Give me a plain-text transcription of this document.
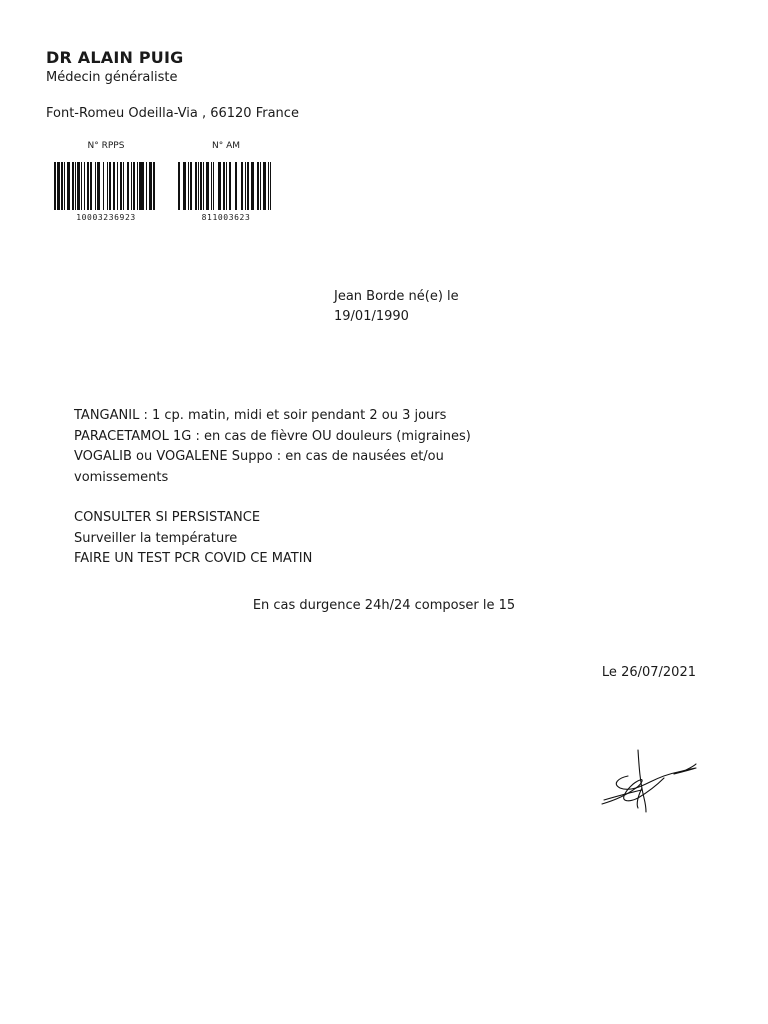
DR ALAIN PUIG
Médecin généraliste
Font-Romeu Odeilla-Via , 66120 France
N° RPPS
10003236923
N° AM
811003623
Jean Borde né(e) le
19/01/1990
TANGANIL : 1 cp. matin, midi et soir pendant 2 ou 3 jours
PARACETAMOL 1G : en cas de fièvre OU douleurs (migraines)
VOGALIB ou VOGALENE Suppo : en cas de nausées et/ou
vomissements
CONSULTER SI PERSISTANCE
Surveiller la température
FAIRE UN TEST PCR COVID CE MATIN
En cas durgence 24h/24 composer le 15
Le 26/07/2021
